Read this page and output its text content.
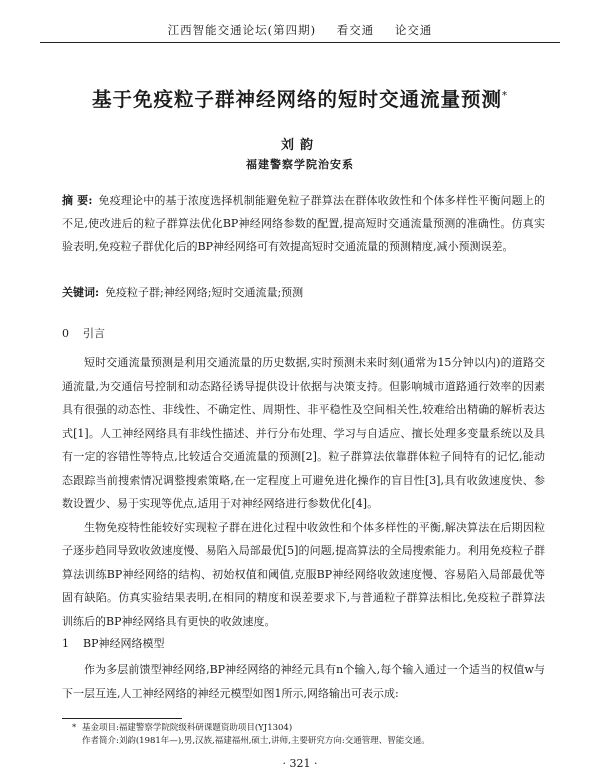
江西智能交通论坛(第四期) 看交通 论交通
基于免疫粒子群神经网络的短时交通流量预测*
刘韵
福建警察学院治安系
摘 要: 免疫理论中的基于浓度选择机制能避免粒子群算法在群体收敛性和个体多样性平衡问题上的不足,使改进后的粒子群算法优化BP神经网络参数的配置,提高短时交通流量预测的准确性。仿真实验表明,免疫粒子群优化后的BP神经网络可有效提高短时交通流量的预测精度,减小预测误差。
关键词: 免疫粒子群;神经网络;短时交通流量;预测
0 引言

短时交通流量预测是利用交通流量的历史数据,实时预测未来时刻(通常为15分钟以内)的道路交通流量,为交通信号控制和动态路径诱导提供设计依据与决策支持。但影响城市道路通行效率的因素具有很强的动态性、非线性、不确定性、周期性、非平稳性及空间相关性,较难给出精确的解析表达式[1]。人工神经网络具有非线性描述、并行分布处理、学习与自适应、擅长处理多变量系统以及具有一定的容错性等特点,比较适合交通流量的预测[2]。粒子群算法依靠群体粒子间特有的记忆,能动态跟踪当前搜索情况调整搜索策略,在一定程度上可避免进化操作的盲目性[3],具有收敛速度快、参数设置少、易于实现等优点,适用于对神经网络进行参数优化[4]。

生物免疫特性能较好实现粒子群在进化过程中收敛性和个体多样性的平衡,解决算法在后期因粒子逐步趋同导致收敛速度慢、易陷入局部最优[5]的问题,提高算法的全局搜索能力。利用免疫粒子群算法训练BP神经网络的结构、初始权值和阈值,克服BP神经网络收敛速度慢、容易陷入局部最优等固有缺陷。仿真实验结果表明,在相同的精度和误差要求下,与普通粒子群算法相比,免疫粒子群算法训练后的BP神经网络具有更快的收敛速度。

1 BP神经网络模型

作为多层前馈型神经网络,BP神经网络的神经元具有n个输入,每个输入通过一个适当的权值w与下一层互连,人工神经网络的神经元模型如图1所示,网络输出可表示成:

* 基金项目:福建警察学院院级科研课题资助项目(YJ1304)
作者简介:刘韵(1981年—),男,汉族,福建福州,硕士,讲师,主要研究方向:交通管理、智能交通。
· 321 ·
